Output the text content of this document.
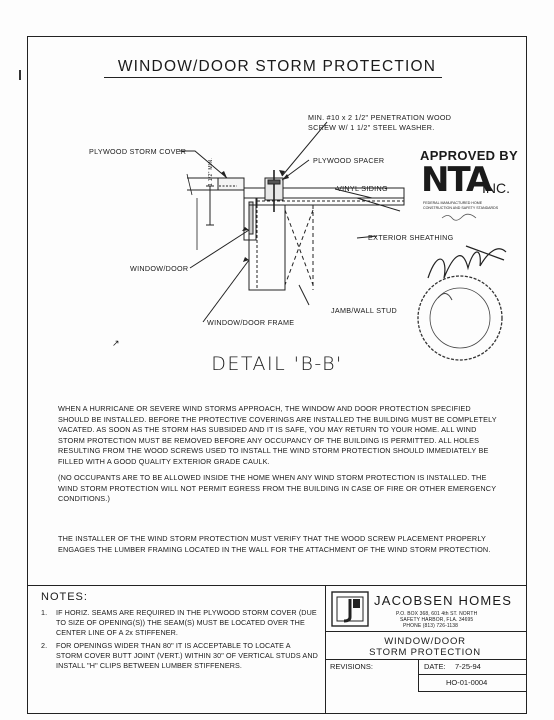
WINDOW/DOOR STORM PROTECTION
MIN. #10 x 2 1/2" PENETRATION WOOD
SCREW W/ 1 1/2" STEEL WASHER.
PLYWOOD STORM COVER
PLYWOOD SPACER
VINYL SIDING
EXTERIOR SHEATHING
WINDOW/DOOR
JAMB/WALL STUD
WINDOW/DOOR FRAME
1 1/2" MIN.
APPROVED BY
NTA
INC.
FEDERAL MANUFACTURED HOME CONSTRUCTION AND SAFETY STANDARDS
DETAIL 'B-B'
↗
WHEN A HURRICANE OR SEVERE WIND STORMS APPROACH, THE WINDOW AND DOOR PROTECTION SPECIFIED SHOULD BE INSTALLED. BEFORE THE PROTECTIVE COVERINGS ARE INSTALLED THE BUILDING MUST BE COMPLETELY VACATED. AS SOON AS THE STORM HAS SUBSIDED AND IT IS SAFE, YOU MAY RETURN TO YOUR HOME. ALL WIND STORM PROTECTION MUST BE REMOVED BEFORE ANY OCCUPANCY OF THE BUILDING IS PERMITTED. ALL HOLES RESULTING FROM THE WOOD SCREWS USED TO INSTALL THE WIND STORM PROTECTION SHOULD IMMEDIATELY BE FILLED WITH A GOOD QUALITY EXTERIOR GRADE CAULK.
(NO OCCUPANTS ARE TO BE ALLOWED INSIDE THE HOME WHEN ANY WIND STORM PROTECTION IS INSTALLED. THE WIND STORM PROTECTION WILL NOT PERMIT EGRESS FROM THE BUILDING IN CASE OF FIRE OR OTHER EMERGENCY CONDITIONS.)
THE INSTALLER OF THE WIND STORM PROTECTION MUST VERIFY THAT THE WOOD SCREW PLACEMENT PROPERLY ENGAGES THE LUMBER FRAMING LOCATED IN THE WALL FOR THE ATTACHMENT OF THE WIND STORM PROTECTION.
NOTES:
1. IF HORIZ. SEAMS ARE REQUIRED IN THE PLYWOOD STORM COVER (DUE TO SIZE OF OPENING(S)) THE SEAM(S) MUST BE LOCATED OVER THE CENTER LINE OF A 2x STIFFENER.
2. FOR OPENINGS WIDER THAN 80" IT IS ACCEPTABLE TO LOCATE A STORM COVER BUTT JOINT (VERT.) WITHIN 30" OF VERTICAL STUDS AND INSTALL "H" CLIPS BETWEEN LUMBER STIFFENERS.
JACOBSEN HOMES
P.O. BOX 368, 601 4th ST. NORTH
SAFETY HARBOR, FLA. 34695
PHONE (813) 726-1138
WINDOW/DOOR
STORM PROTECTION
REVISIONS:	DATE: 7-25-94
HO-01-0004
